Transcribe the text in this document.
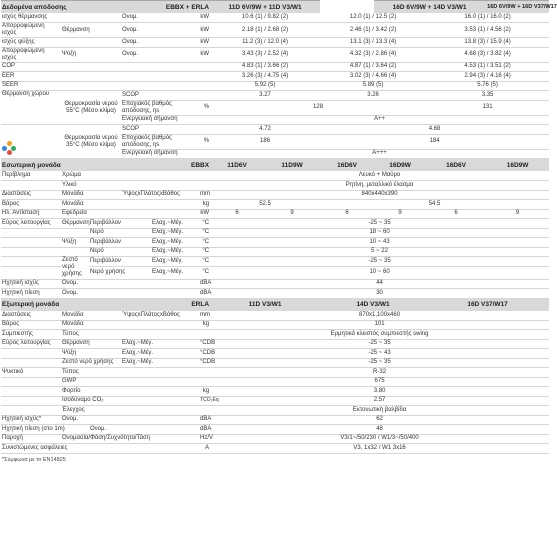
Δεδομένα απόδοσης				EBBX + ERLA		11D 6V/9W + 11D V3/W1			16D 6V/9W + 14D V3/W1		16D 6V/9W + 16D V37/W17
ισχύς θέρμανσης			Ονομ.		kW	10.6 (1) / 9.82 (2)		12.0 (1) / 12.5 (2)		16.0 (1) / 16.0 (2)	
Απορροφώμενη ισχύς	Θέρμανση		Ονομ.		kW	2.18 (1) / 2.68 (2)		2.46 (1) / 3.42 (2)		3.53 (1) / 4.56 (2)	
ισχύς ψύξης			Ονομ.		kW	11.2 (3) / 12.0 (4)		13.1 (3) / 13.3 (4)		13.8 (3) / 15.9 (4)	
Απορροφώμενη ισχύς	Ψύξη		Ονομ.		kW	3.43 (3) / 2.52 (4)		4.32 (3) / 2.86 (4)		4.68 (3) / 3.82 (4)	
COP						4.83 (1) / 3.66 (2)		4.87 (1) / 3.64 (2)		4.53 (1) / 3.51 (2)	
EER						3.26 (3) / 4.75 (4)		3.02 (3) / 4.66 (4)		2.94 (3) / 4.16 (4)	
SEER						5.92 (5)		5.89 (5)		5.76 (5)	
Θέρμανση χώρου	Θερμοκρασία νερού 55°C (Μέσο κλίμα)		SCOP			3.27		3.26		3.35	
			Εποχιακός βαθμός απόδοσης, ηs		%	128				131	
			Ενεργειακή σήμανση			A++					

	Θερμοκρασία νερού 35°C (Μέσο κλίμα)		SCOP			4.72		4.68			
			Εποχιακός βαθμός απόδοσης, ηs		%	186		184			
			Ενεργειακή σήμανση			A+++					
Εσωτερική μονάδα				EBBX		11D6V	11D9W	16D6V	16D9W	16D6V	16D9W
Περίβλημα	Χρώμα					Λευκό + Μαύρο					
	Υλικό					Ρητίνη, μεταλλικό έλασμα					
Διαστάσεις	Μονάδα		ΎψοςxΠλάτοςxΒάθος		mm	840x440x390					
Βάρος	Μονάδα				kg	52.5		54.5			
Ηλ. Αντίσταση	Εφεδρεία				kW	6	9	6	9	6	9
Εύρος λειτουργίας	Θέρμανση	Περιβάλλον		Ελαχ.~Μέγ.	°C	-25 ~ 35					
		Νερό		Ελαχ.~Μέγ.	°C	18 ~ 60					
	Ψύξη	Περιβάλλον		Ελαχ.~Μέγ.	°C	10 ~ 43					
		Νερό		Ελαχ.~Μέγ.	°C	5 ~ 22					
	Ζεστό νερό χρήσης	Περιβάλλον		Ελαχ.~Μέγ.	°C	-25 ~ 35					
		Νερό χρήσης		Ελαχ.~Μέγ.	°C	10 ~ 60					
Ηχητική ισχύς	Ονομ.				dBA	44					
Ηχητική πίεση	Ονομ.				dBA	30					
Εξωτερική μονάδα				ERLA		11D V3/W1		14D V3/W1		16D V37/W17	
Διαστάσεις	Μονάδα		ΎψοςxΠλάτοςxΒάθος		mm	870x1,100x460					
Βάρος	Μονάδα				kg	101					
Συμπιεστής	Τύπος					Ερμητικά κλειστός συμπιεστής swing					
Εύρος λειτουργίας	Θέρμανση		Ελαχ.~Μέγ.		°CDB	-25 ~ 35					
	Ψύξη		Ελαχ.~Μέγ.		°CDB	-25 ~ 43					
	Ζεστό νερό χρήσης		Ελαχ.~Μέγ.		°CDB	-25 ~ 35					
Ψυκτικό	Τύπος					R-32					
	GWP					675					
	Φορτίο				kg	3.80					
	Ισοδύναμο CO₂				TCO₂Eq	2.57					
	Έλεγχος					Εκτονωτική βαλβίδα					
Ηχητική ισχύς*	Ονομ.				dBA	62					
Ηχητική πίεση (στο 1m)		Ονομ.			dBA	48					
Παροχή	Ονομασία/Φάση/Συχνότητα/Τάση				Hz/V	V3/1~/50/230 / W1/3~/50/400					
Συνιστώμενες ασφάλειες					A	V3, 1x32 / W1 3x16					
*Σύμφωνα με το EN14825
